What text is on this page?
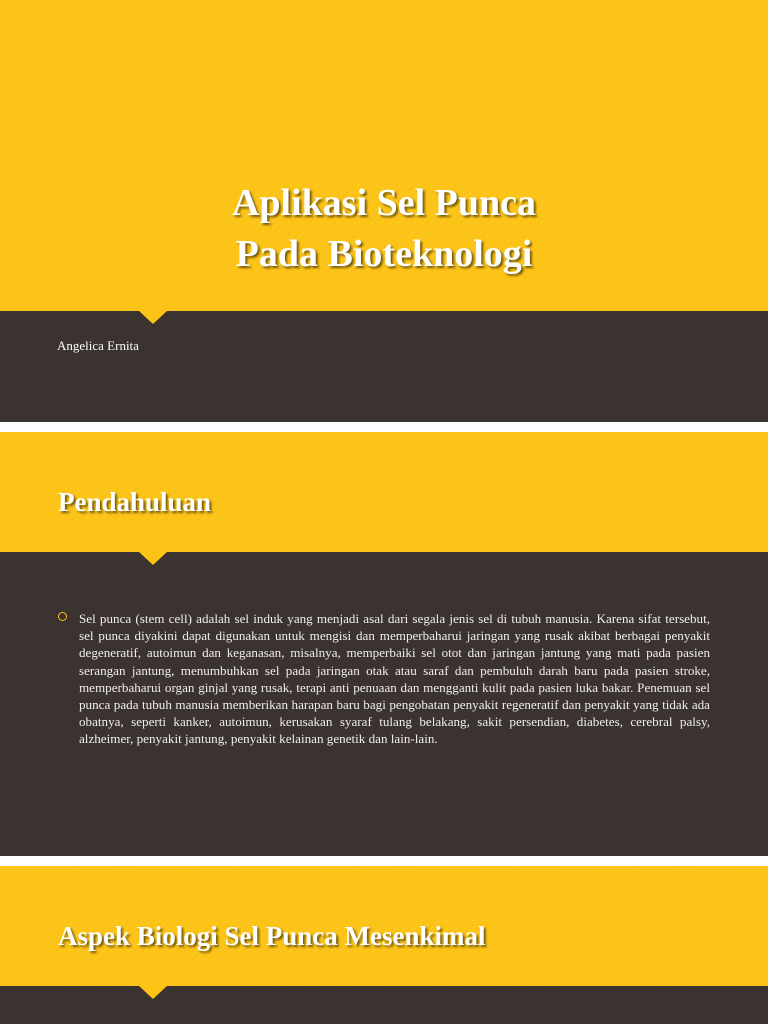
Aplikasi Sel Punca
Pada Bioteknologi
Angelica Ernita
Pendahuluan
Sel punca (stem cell) adalah sel induk yang menjadi asal dari segala jenis sel di tubuh manusia. Karena sifat tersebut, sel punca diyakini dapat digunakan untuk mengisi dan memperbaharui jaringan yang rusak akibat berbagai penyakit degeneratif, autoimun dan keganasan, misalnya, memperbaiki sel otot dan jaringan jantung yang mati pada pasien serangan jantung, menumbuhkan sel pada jaringan otak atau saraf dan pembuluh darah baru pada pasien stroke, memperbaharui organ ginjal yang rusak, terapi anti penuaan dan mengganti kulit pada pasien luka bakar. Penemuan sel punca pada tubuh manusia memberikan harapan baru bagi pengobatan penyakit regeneratif dan penyakit yang tidak ada obatnya, seperti kanker, autoimun, kerusakan syaraf tulang belakang, sakit persendian, diabetes, cerebral palsy, alzheimer, penyakit jantung, penyakit kelainan genetik dan lain-lain.
Aspek Biologi Sel Punca Mesenkimal
